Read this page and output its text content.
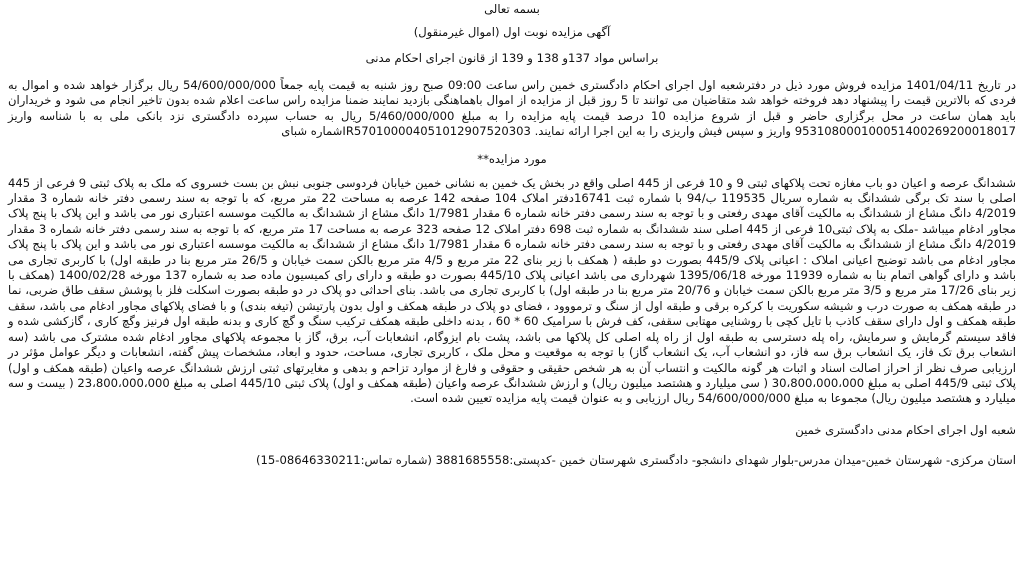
بسمه تعالی
آگهی مزایده نوبت اول (اموال غیرمنقول)
براساس مواد 137و 138 و 139 از قانون اجرای احکام مدنی

در تاریخ 1401/04/11 مزایده فروش مورد ذیل در دفترشعبه اول اجرای احکام دادگستری خمین راس ساعت 09:00 صبح روز شنبه به قیمت پایه جمعاً 54/600/000/000 ریال برگزار خواهد شده و اموال به فردی که بالاترین قیمت را پیشنهاد دهد فروخته خواهد شد متقاضیان می توانند تا 5 روز قبل از مزایده از اموال باهماهنگی بازدید نمایند ضمنا مزایده راس ساعت اعلام شده بدون تاخیر انجام می شود و خریداران باید همان ساعت در محل برگزاری حاضر و قبل از شروع مزایده 10 درصد قیمت پایه مزایده را به مبلغ 5/460/000/000 ریال به حساب سپرده دادگستری نزد بانکی ملی به با شناسه واریز 953108000100051400269200018017 واریز و سپس فیش واریزی را به این اجرا ارائه نمایند. IR570100004051012907520303شماره شبای

مورد مزایده**

ششدانگ عرصه و اعیان دو باب مغازه تحت پلاکهای ثبتی 9 و 10 فرعی از 445 اصلی واقع در بخش یک خمین به نشانی خمین خیابان فردوسی جنوبی نبش بن بست خسروی که ملک به پلاک ثبتی 9 فرعی از 445 اصلی با سند تک برگی ششدانگ به شماره سریال 119535 ب/94 با شماره ثبت 16741دفتر املاک 104 صفحه 142 عرصه به مساحت 22 متر مربع، که با توجه به سند رسمی دفتر خانه شماره 3 مقدار 4/2019 دانگ مشاع از ششدانگ به مالکیت آقای مهدی رفعتی و با توجه به سند رسمی دفتر خانه شماره 6 مقدار 1/7981 دانگ مشاع از ششدانگ به مالکیت موسسه اعتباری نور می باشد و این پلاک با پنج پلاک مجاور ادغام میباشد -ملک به پلاک ثبتی10 فرعی از 445 اصلی سند ششدانگ به شماره ثبت 698 دفتر املاک 12 صفحه 323 عرصه به مساحت 17 متر مربع، که با توجه به سند رسمی دفتر خانه شماره 3 مقدار 4/2019 دانگ مشاع از ششدانگ به مالکیت آقای مهدی رفعتی و با توجه به سند رسمی دفتر خانه شماره 6 مقدار 1/7981 دانگ مشاع از ششدانگ به مالکیت موسسه اعتباری نور می باشد و این پلاک با پنج پلاک مجاور ادغام می باشد توضیح اعیانی املاک : اعیانی پلاک 445/9 بصورت دو طبقه ( همکف با زیر بنای 22 متر مربع و 4/5 متر مربع بالکن سمت خیابان و 26/5 متر مربع بنا در طبقه اول) با کاربری تجاری می باشد و دارای گواهی اتمام بنا به شماره 11939 مورخه 1395/06/18 شهرداری می باشد اعیانی پلاک 445/10 بصورت دو طبقه و دارای رای کمیسیون ماده صد به شماره 137 مورخه 1400/02/28 (همکف با زیر بنای 17/26 متر مربع و 3/5 متر مربع بالکن سمت خیابان و 20/76 متر مربع بنا در طبقه اول) با کاربری تجاری می باشد. بنای احداثی دو پلاک در دو طبقه بصورت اسکلت فلز با پوشش سقف طاق ضربی، نما در طبقه همکف به صورت درب و شیشه سکوریت با کرکره برقی و طبقه اول از سنگ و ترمووود ، فضای دو پلاک در طبقه همکف و اول بدون پارتیشن (تیغه بندی) و با فضای پلاکهای مجاور ادغام می باشد، سقف طبقه همکف و اول دارای سقف کاذب با تایل کچی با روشنایی مهتابی سقفی، کف فرش با سرامیک 60 * 60 ، بدنه داخلی طبقه همکف ترکیب سنگ و گچ کاری و بدنه طبقه اول فرنیز وگچ کاری ، گازکشی شده و فاقد سیستم گرمایش و سرمایش، راه پله دسترسی به طبقه اول از راه پله اصلی کل پلاکها می باشد، پشت بام ایزوگام، انشعابات آب، برق، گاز با مجموعه پلاکهای مجاور ادغام شده مشترک می باشد (سه انشعاب برق تک فاز، یک انشعاب برق سه فاز، دو انشعاب آب، یک انشعاب گاز) با توجه به موقعیت و محل ملک ، کاربری تجاری، مساحت، حدود و ابعاد، مشخصات پیش گفته، انشعابات و دیگر عوامل مؤثر در ارزیابی صرف نظر از احراز اصالت اسناد و اثبات هر گونه مالکیت و انتساب آن به هر شخص حقیقی و حقوقی و فارغ از موارد تزاحم و بدهی و مغایرتهای ثبتی ارزش ششدانگ عرصه واعیان (طبقه همکف و اول) پلاک ثبتی 445/9 اصلی به مبلغ 30،800،000،000 ( سی میلیارد و هشتصد میلیون ریال) و ارزش ششدانگ عرصه واعیان (طبقه همکف و اول) پلاک ثبتی 445/10 اصلی به مبلغ 23،800،000،000 ( بیست و سه میلیارد و هشتصد میلیون ریال) مجموعا به مبلغ 54/600/000/000 ریال ارزیابی و به عنوان قیمت پایه مزایده تعیین شده است.

شعبه اول اجرای احکام مدنی دادگستری خمین
استان مرکزی- شهرستان خمین-میدان مدرس-بلوار شهدای دانشجو- دادگستری شهرستان خمین -کدپستی:3881685558 (شماره تماس:08646330211-15)
